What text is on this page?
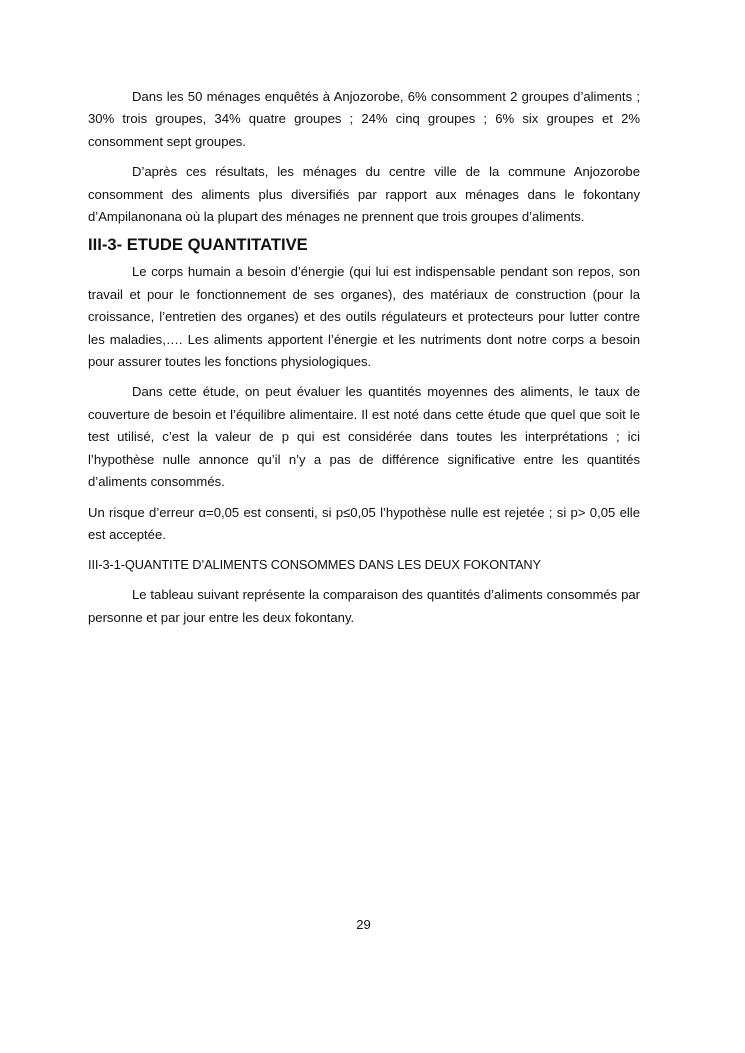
Dans les 50 ménages enquêtés à Anjozorobe, 6% consomment 2 groupes d’aliments ; 30% trois groupes, 34% quatre groupes ; 24% cinq groupes ; 6% six groupes et 2% consomment sept groupes.

D’après ces résultats, les ménages du centre ville de la commune Anjozorobe consomment des aliments plus diversifiés par rapport aux ménages dans le fokontany d’Ampilanonana où la plupart des ménages ne prennent que trois groupes d’aliments.

III-3- ETUDE QUANTITATIVE

Le corps humain a besoin d’énergie (qui lui est indispensable pendant son repos, son travail et pour le fonctionnement de ses organes), des matériaux de construction (pour la croissance, l’entretien des organes) et des outils régulateurs et protecteurs pour lutter contre les maladies,…. Les aliments apportent l’énergie et les nutriments dont notre corps a besoin pour assurer toutes les fonctions physiologiques.

Dans cette étude, on peut évaluer les quantités moyennes des aliments, le taux de couverture de besoin et l’équilibre alimentaire. Il est noté dans cette étude que quel que soit le test utilisé, c’est la valeur de p qui est considérée dans toutes les interprétations ; ici l’hypothèse nulle annonce qu’il n’y a pas de différence significative entre les quantités d’aliments consommés.

Un risque d’erreur α=0,05 est consenti, si p≤0,05 l’hypothèse nulle est rejetée ; si p> 0,05 elle est acceptée.

III-3-1-QUANTITE D’ALIMENTS CONSOMMES DANS LES DEUX FOKONTANY

Le tableau suivant représente la comparaison des quantités d’aliments consommés par personne et par jour entre les deux fokontany.

29
